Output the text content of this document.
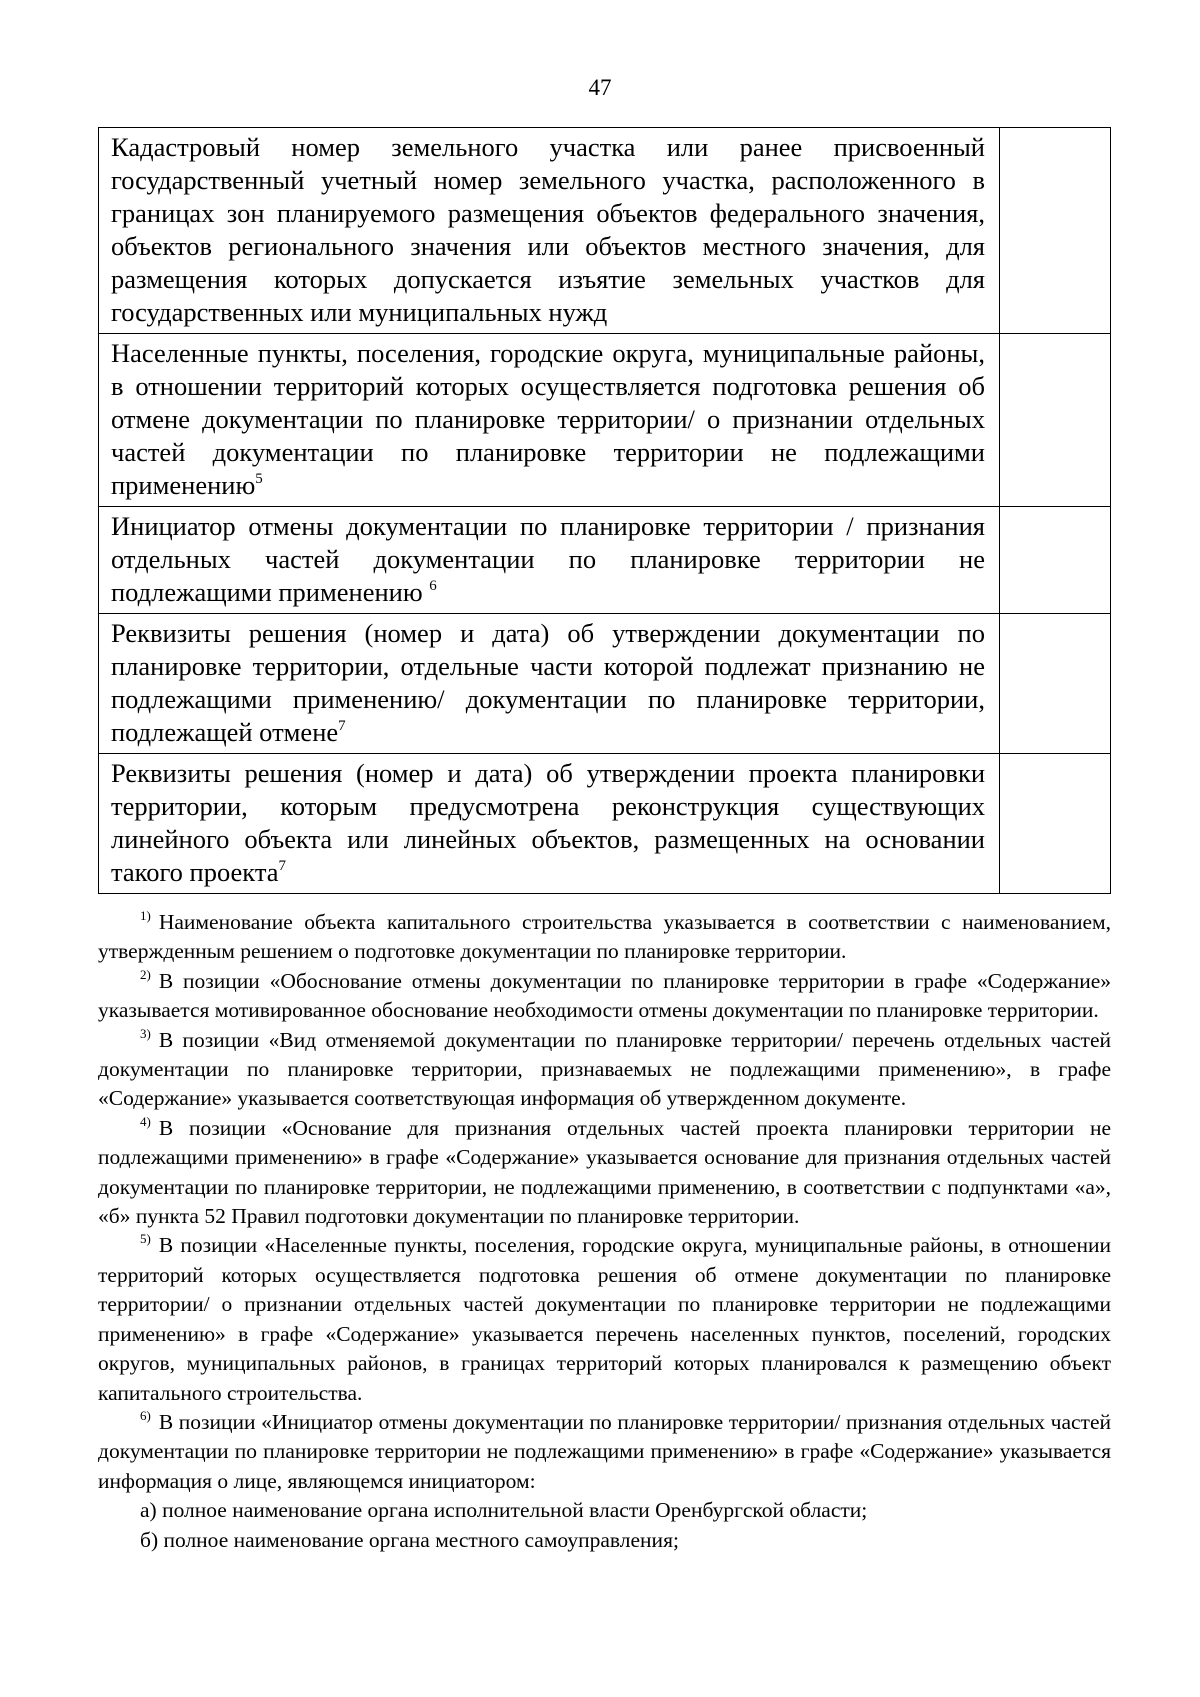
47
Кадастровый номер земельного участка или ранее присвоенный государственный учетный номер земельного участка, расположенного в границах зон планируемого размещения объектов федерального значения, объектов регионального значения или объектов местного значения, для размещения которых допускается изъятие земельных участков для государственных или муниципальных нужд	
Населенные пункты, поселения, городские округа, муниципальные районы, в отношении территорий которых осуществляется подготовка решения об отмене документации по планировке территории/ о признании отдельных частей документации по планировке территории не подлежащими применению$^5$	
Инициатор отмены документации по планировке территории / признания отдельных частей документации по планировке территории не подлежащими применению $^6$	
Реквизиты решения (номер и дата) об утверждении документации по планировке территории, отдельные части которой подлежат признанию не подлежащими применению/ документации по планировке территории, подлежащей отмене$^7$	
Реквизиты решения (номер и дата) об утверждении проекта планировки территории, которым предусмотрена реконструкция существующих линейного объекта или линейных объектов, размещенных на основании такого проекта$^7$	

$^{1)}$ Наименование объекта капитального строительства указывается в соответствии с наименованием, утвержденным решением о подготовке документации по планировке территории.

$^{2)}$ В позиции «Обоснование отмены документации по планировке территории в графе «Содержание» указывается мотивированное обоснование необходимости отмены документации по планировке территории.

$^{3)}$ В позиции «Вид отменяемой документации по планировке территории/ перечень отдельных частей документации по планировке территории, признаваемых не подлежащими применению», в графе «Содержание» указывается соответствующая информация об утвержденном документе.

$^{4)}$ В позиции «Основание для признания отдельных частей проекта планировки территории не подлежащими применению» в графе «Содержание» указывается основание для признания отдельных частей документации по планировке территории, не подлежащими применению, в соответствии с подпунктами «а», «б» пункта 52 Правил подготовки документации по планировке территории.

$^{5)}$ В позиции «Населенные пункты, поселения, городские округа, муниципальные районы, в отношении территорий которых осуществляется подготовка решения об отмене документации по планировке территории/ о признании отдельных частей документации по планировке территории не подлежащими применению» в графе «Содержание» указывается перечень населенных пунктов, поселений, городских округов, муниципальных районов, в границах территорий которых планировался к размещению объект капитального строительства.

$^{6)}$ В позиции «Инициатор отмены документации по планировке территории/ признания отдельных частей документации по планировке территории не подлежащими применению» в графе «Содержание» указывается информация о лице, являющемся инициатором:

а) полное наименование органа исполнительной власти Оренбургской области;

б) полное наименование органа местного самоуправления;
